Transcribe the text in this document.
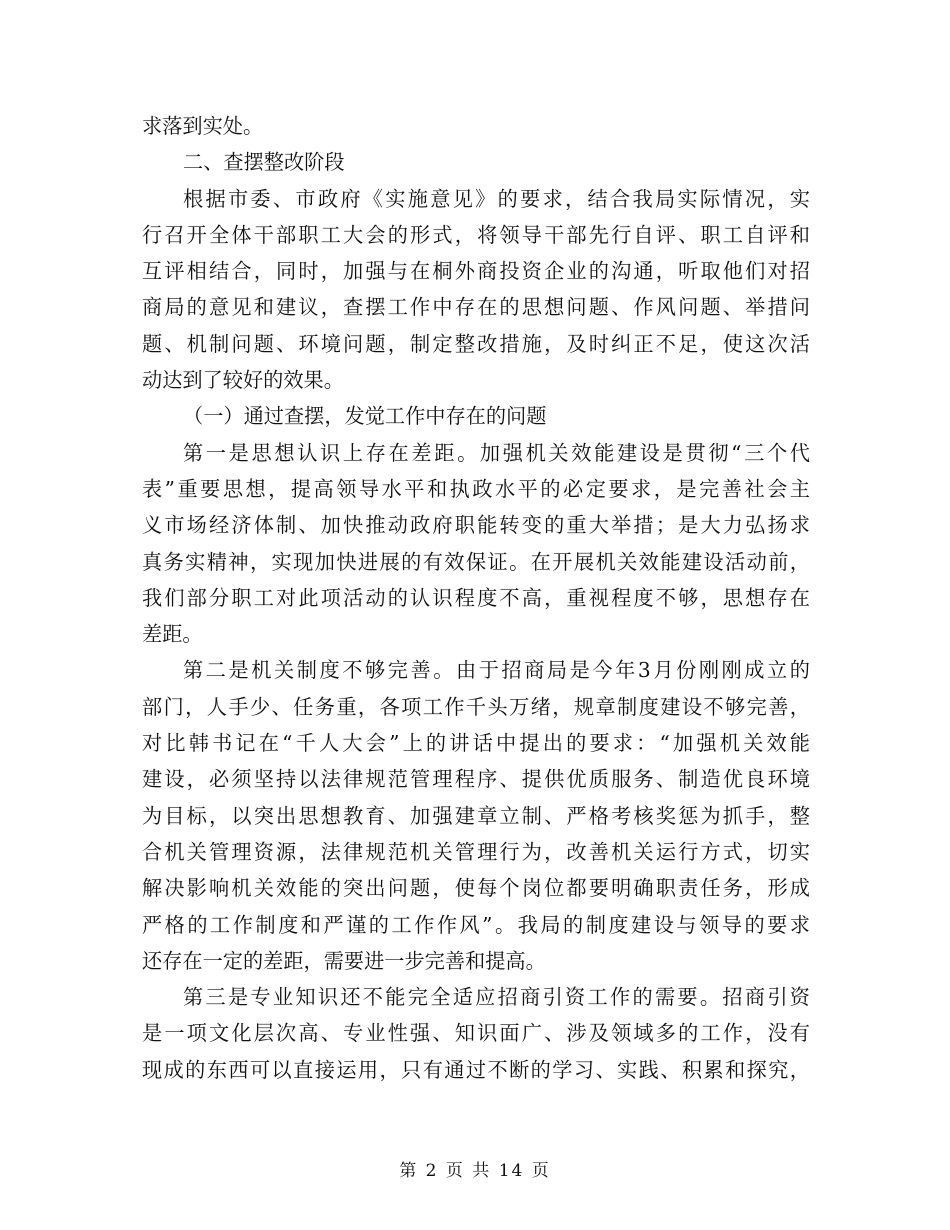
求落到实处。
二、查摆整改阶段
根据市委、市政府《实施意见》的要求，结合我局实际情况，实
行召开全体干部职工大会的形式，将领导干部先行自评、职工自评和
互评相结合，同时，加强与在桐外商投资企业的沟通，听取他们对招
商局的意见和建议，查摆工作中存在的思想问题、作风问题、举措问
题、机制问题、环境问题，制定整改措施，及时纠正不足，使这次活
动达到了较好的效果。
（一）通过查摆，发觉工作中存在的问题
第一是思想认识上存在差距。加强机关效能建设是贯彻“三个代
表”重要思想，提高领导水平和执政水平的必定要求，是完善社会主
义市场经济体制、加快推动政府职能转变的重大举措；是大力弘扬求
真务实精神，实现加快进展的有效保证。在开展机关效能建设活动前，
我们部分职工对此项活动的认识程度不高，重视程度不够，思想存在
差距。
第二是机关制度不够完善。由于招商局是今年3月份刚刚成立的
部门，人手少、任务重，各项工作千头万绪，规章制度建设不够完善，
对比韩书记在“千人大会”上的讲话中提出的要求：“加强机关效能
建设，必须坚持以法律规范管理程序、提供优质服务、制造优良环境
为目标，以突出思想教育、加强建章立制、严格考核奖惩为抓手，整
合机关管理资源，法律规范机关管理行为，改善机关运行方式，切实
解决影响机关效能的突出问题，使每个岗位都要明确职责任务，形成
严格的工作制度和严谨的工作作风”。我局的制度建设与领导的要求
还存在一定的差距，需要进一步完善和提高。
第三是专业知识还不能完全适应招商引资工作的需要。招商引资
是一项文化层次高、专业性强、知识面广、涉及领域多的工作，没有
现成的东西可以直接运用，只有通过不断的学习、实践、积累和探究，
第 2 页 共 14 页
